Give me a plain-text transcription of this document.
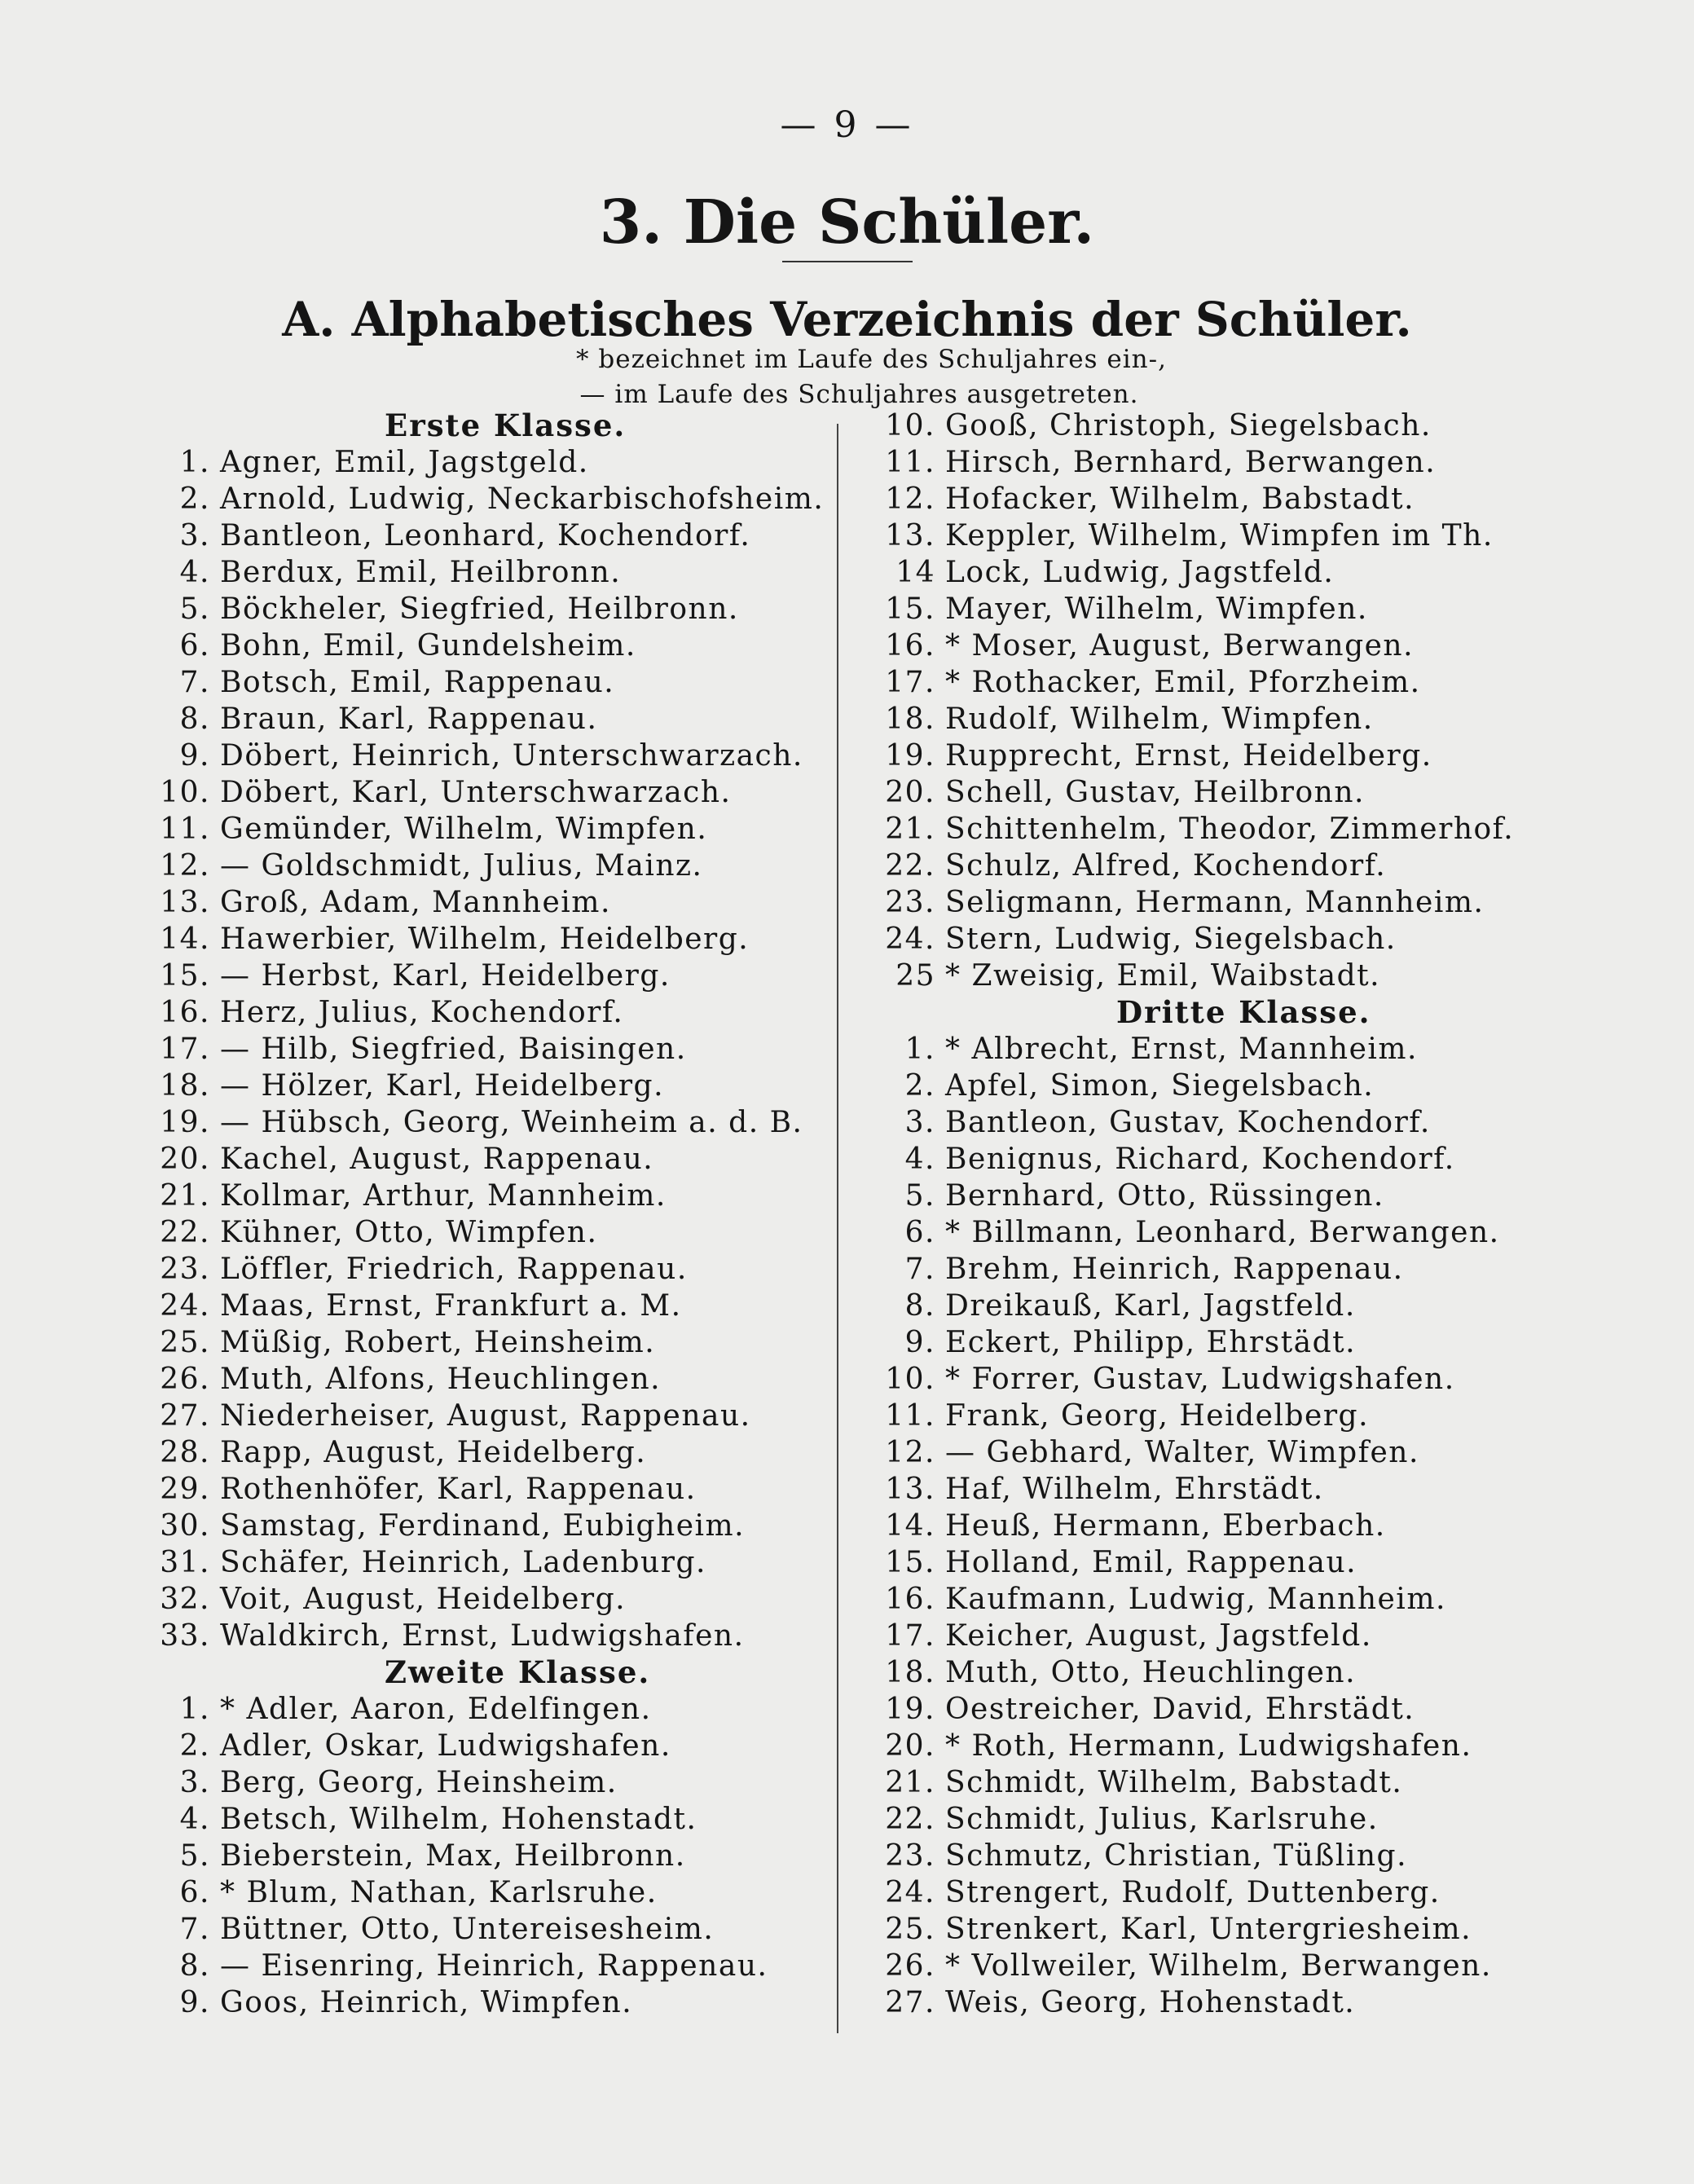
— 9 —
3. Die Schüler.
A. Alphabetisches Verzeichnis der Schüler.
* bezeichnet im Laufe des Schuljahres ein-,
— im Laufe des Schuljahres ausgetreten.
Erste Klasse.
1. Agner, Emil, Jagstgeld.
2. Arnold, Ludwig, Neckarbischofsheim.
3. Bantleon, Leonhard, Kochendorf.
4. Berdux, Emil, Heilbronn.
5. Böckheler, Siegfried, Heilbronn.
6. Bohn, Emil, Gundelsheim.
7. Botsch, Emil, Rappenau.
8. Braun, Karl, Rappenau.
9. Döbert, Heinrich, Unterschwarzach.
10. Döbert, Karl, Unterschwarzach.
11. Gemünder, Wilhelm, Wimpfen.
12. — Goldschmidt, Julius, Mainz.
13. Groß, Adam, Mannheim.
14. Hawerbier, Wilhelm, Heidelberg.
15. — Herbst, Karl, Heidelberg.
16. Herz, Julius, Kochendorf.
17. — Hilb, Siegfried, Baisingen.
18. — Hölzer, Karl, Heidelberg.
19. — Hübsch, Georg, Weinheim a. d. B.
20. Kachel, August, Rappenau.
21. Kollmar, Arthur, Mannheim.
22. Kühner, Otto, Wimpfen.
23. Löffler, Friedrich, Rappenau.
24. Maas, Ernst, Frankfurt a. M.
25. Müßig, Robert, Heinsheim.
26. Muth, Alfons, Heuchlingen.
27. Niederheiser, August, Rappenau.
28. Rapp, August, Heidelberg.
29. Rothenhöfer, Karl, Rappenau.
30. Samstag, Ferdinand, Eubigheim.
31. Schäfer, Heinrich, Ladenburg.
32. Voit, August, Heidelberg.
33. Waldkirch, Ernst, Ludwigshafen.
Zweite Klasse.
1. * Adler, Aaron, Edelfingen.
2. Adler, Oskar, Ludwigshafen.
3. Berg, Georg, Heinsheim.
4. Betsch, Wilhelm, Hohenstadt.
5. Bieberstein, Max, Heilbronn.
6. * Blum, Nathan, Karlsruhe.
7. Büttner, Otto, Untereisesheim.
8. — Eisenring, Heinrich, Rappenau.
9. Goos, Heinrich, Wimpfen.
10. Gooß, Christoph, Siegelsbach.
11. Hirsch, Bernhard, Berwangen.
12. Hofacker, Wilhelm, Babstadt.
13. Keppler, Wilhelm, Wimpfen im Th.
14 Lock, Ludwig, Jagstfeld.
15. Mayer, Wilhelm, Wimpfen.
16. * Moser, August, Berwangen.
17. * Rothacker, Emil, Pforzheim.
18. Rudolf, Wilhelm, Wimpfen.
19. Rupprecht, Ernst, Heidelberg.
20. Schell, Gustav, Heilbronn.
21. Schittenhelm, Theodor, Zimmerhof.
22. Schulz, Alfred, Kochendorf.
23. Seligmann, Hermann, Mannheim.
24. Stern, Ludwig, Siegelsbach.
25 * Zweisig, Emil, Waibstadt.
Dritte Klasse.
1. * Albrecht, Ernst, Mannheim.
2. Apfel, Simon, Siegelsbach.
3. Bantleon, Gustav, Kochendorf.
4. Benignus, Richard, Kochendorf.
5. Bernhard, Otto, Rüssingen.
6. * Billmann, Leonhard, Berwangen.
7. Brehm, Heinrich, Rappenau.
8. Dreikauß, Karl, Jagstfeld.
9. Eckert, Philipp, Ehrstädt.
10. * Forrer, Gustav, Ludwigshafen.
11. Frank, Georg, Heidelberg.
12. — Gebhard, Walter, Wimpfen.
13. Haf, Wilhelm, Ehrstädt.
14. Heuß, Hermann, Eberbach.
15. Holland, Emil, Rappenau.
16. Kaufmann, Ludwig, Mannheim.
17. Keicher, August, Jagstfeld.
18. Muth, Otto, Heuchlingen.
19. Oestreicher, David, Ehrstädt.
20. * Roth, Hermann, Ludwigshafen.
21. Schmidt, Wilhelm, Babstadt.
22. Schmidt, Julius, Karlsruhe.
23. Schmutz, Christian, Tüßling.
24. Strengert, Rudolf, Duttenberg.
25. Strenkert, Karl, Untergriesheim.
26. * Vollweiler, Wilhelm, Berwangen.
27. Weis, Georg, Hohenstadt.
